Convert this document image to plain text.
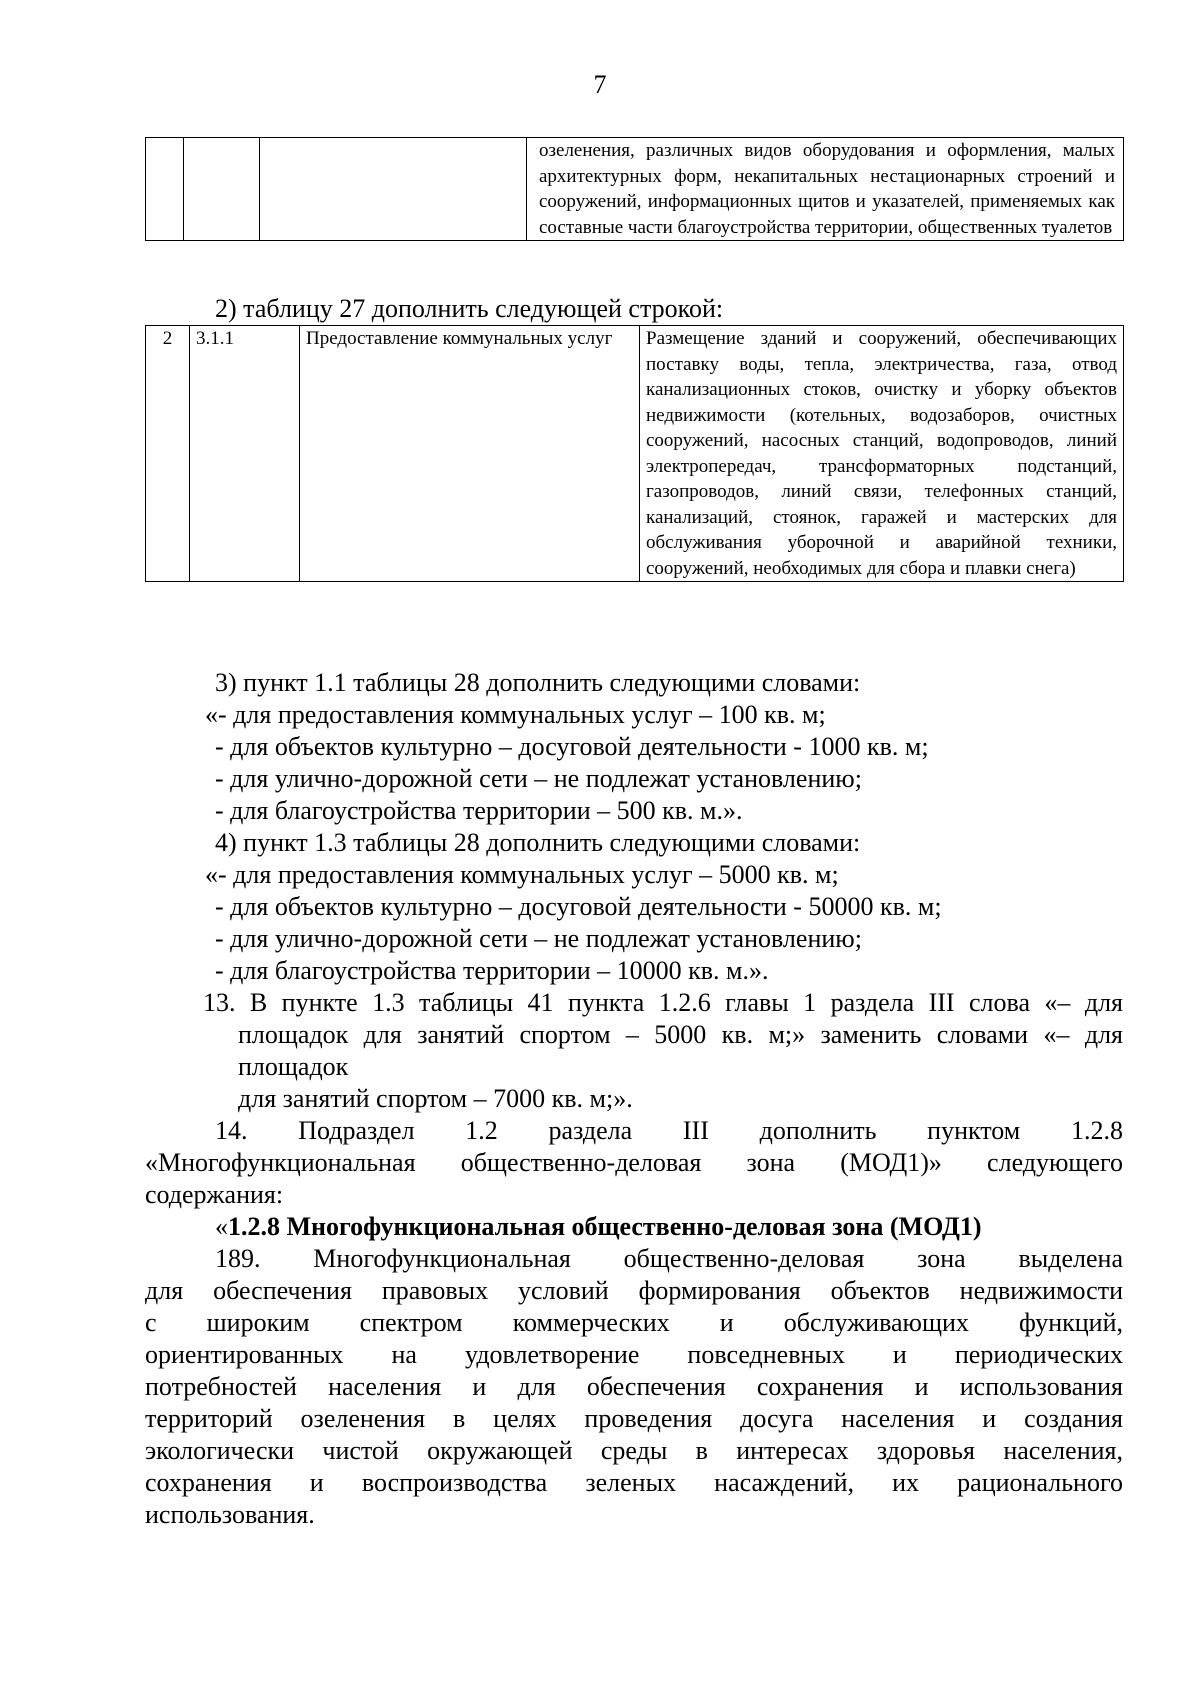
7
			озеленения, различных видов оборудования и оформления, малых архитектурных форм, некапитальных нестационарных строений и сооружений, информационных щитов и указателей, применяемых как составные части благоустройства территории, общественных туалетов
2) таблицу 27 дополнить следующей строкой:
2	3.1.1	Предоставление коммунальных услуг	Размещение зданий и сооружений, обеспечивающих поставку воды, тепла, электричества, газа, отвод канализационных стоков, очистку и уборку объектов недвижимости (котельных, водозаборов, очистных сооружений, насосных станций, водопроводов, линий электропередач, трансформаторных подстанций, газопроводов, линий связи, телефонных станций, канализаций, стоянок, гаражей и мастерских для обслуживания уборочной и аварийной техники, сооружений, необходимых для сбора и плавки снега)
3) пункт 1.1 таблицы 28 дополнить следующими словами:
«- для предоставления коммунальных услуг – 100 кв. м;
- для объектов культурно – досуговой деятельности - 1000 кв. м;
- для улично-дорожной сети – не подлежат установлению;
- для благоустройства территории – 500 кв. м.».
4) пункт 1.3 таблицы 28 дополнить следующими словами:
«- для предоставления коммунальных услуг – 5000 кв. м;
- для объектов культурно – досуговой деятельности - 50000 кв. м;
- для улично-дорожной сети – не подлежат установлению;
- для благоустройства территории – 10000 кв. м.».
13. В пункте 1.3 таблицы 41 пункта 1.2.6 главы 1 раздела III слова «– для
площадок для занятий спортом – 5000 кв. м;» заменить словами «– для
площадок
для занятий спортом – 7000 кв. м;».
14. Подраздел 1.2 раздела III дополнить пунктом 1.2.8
«Многофункциональная общественно-деловая зона (МОД1)» следующего
содержания:
«1.2.8 Многофункциональная общественно-деловая зона (МОД1)
189. Многофункциональная общественно-деловая зона выделена
для обеспечения правовых условий формирования объектов недвижимости
с широким спектром коммерческих и обслуживающих функций,
ориентированных на удовлетворение повседневных и периодических
потребностей населения и для обеспечения сохранения и использования
территорий озеленения в целях проведения досуга населения и создания
экологически чистой окружающей среды в интересах здоровья населения,
сохранения и воспроизводства зеленых насаждений, их рационального
использования.
